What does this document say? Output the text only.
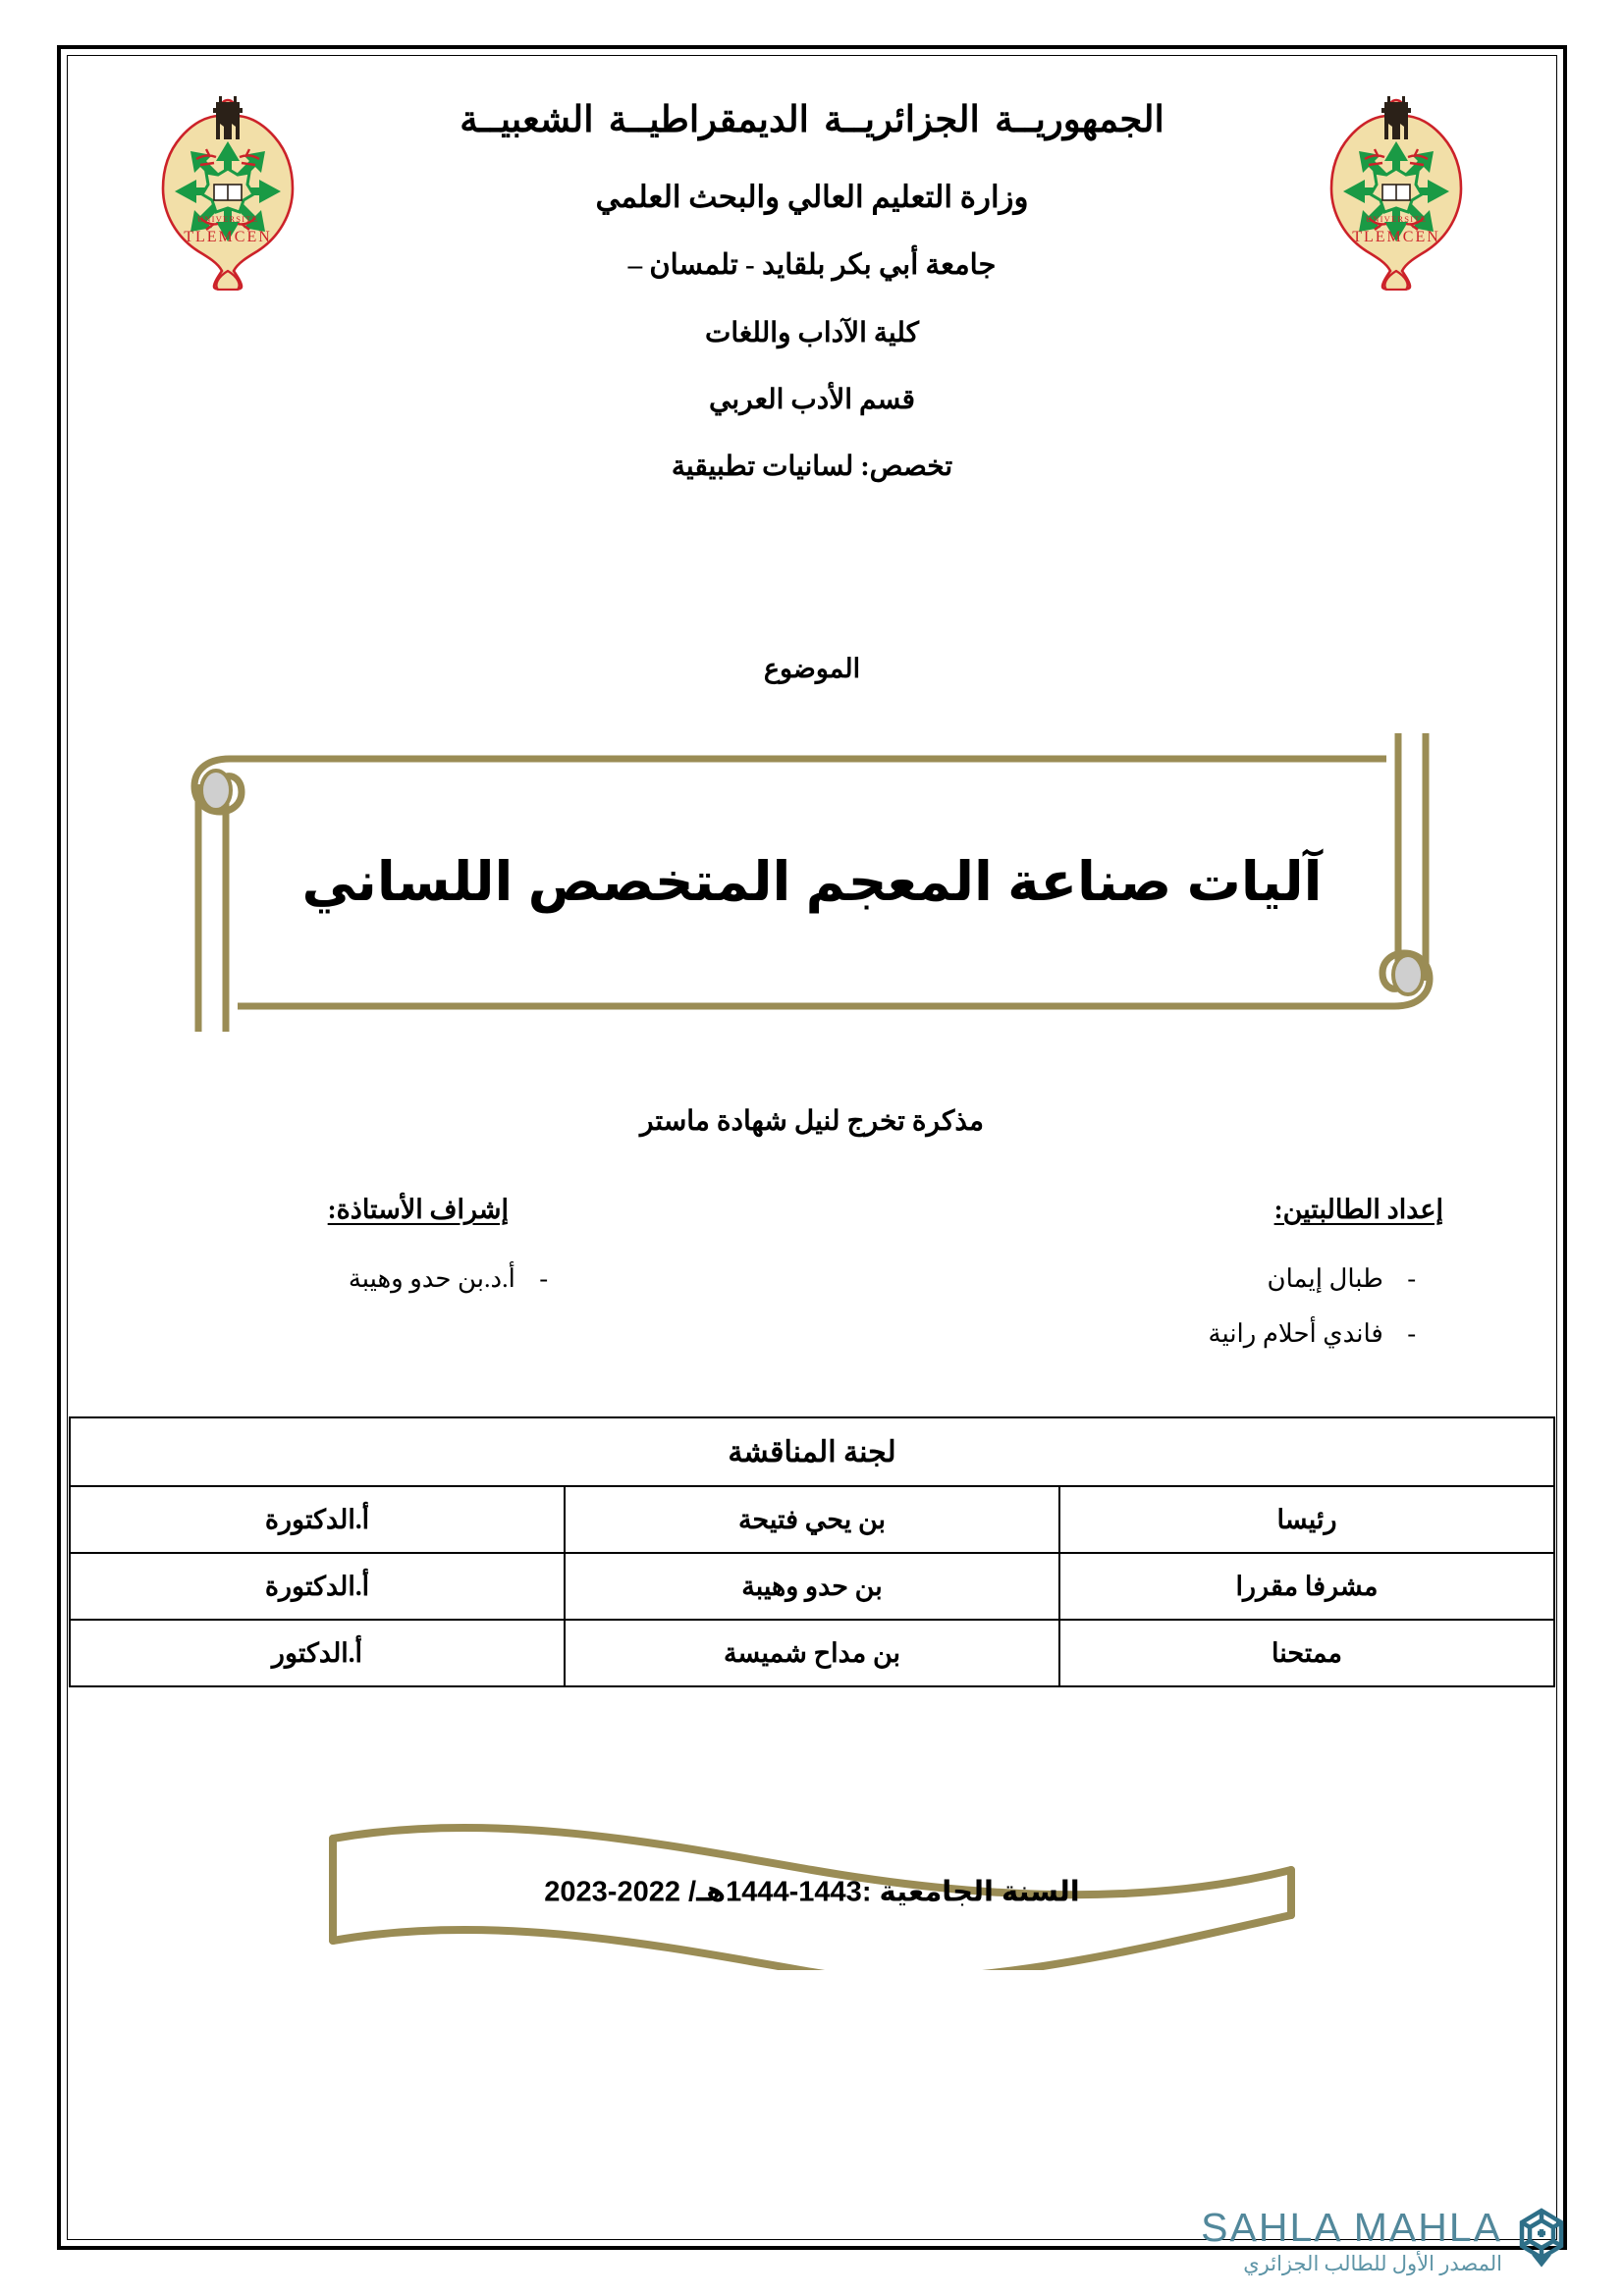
UNIVERSITE
TLEMCEN
UNIVERSITE
TLEMCEN
الجمهوريــة الجزائريــة الديمقراطيــة الشعبيــة
وزارة التعليم العالي والبحث العلمي
جامعة أبي بكر بلقايد - تلمسان –
كلية الآداب واللغات
قسم الأدب العربي
تخصص: لسانيات تطبيقية
الموضوع
آليات صناعة المعجم المتخصص اللساني
مذكرة تخرج لنيل شهادة ماستر
إعداد الطالبتين:
- طبال إيمان
- فاندي أحلام رانية
إشراف الأستاذة:
- أ.د.بن حدو وهيبة
لجنة المناقشة		
رئيسا	بن يحي فتيحة	أ.الدكتورة
مشرفا مقررا	بن حدو وهيبة	أ.الدكتورة
ممتحنا	بن مداح شميسة	أ.الدكتور
السنة الجامعية :1443-1444هـ/ 2022-2023
SAHLA MAHLA
المصدر الأول للطالب الجزائري
